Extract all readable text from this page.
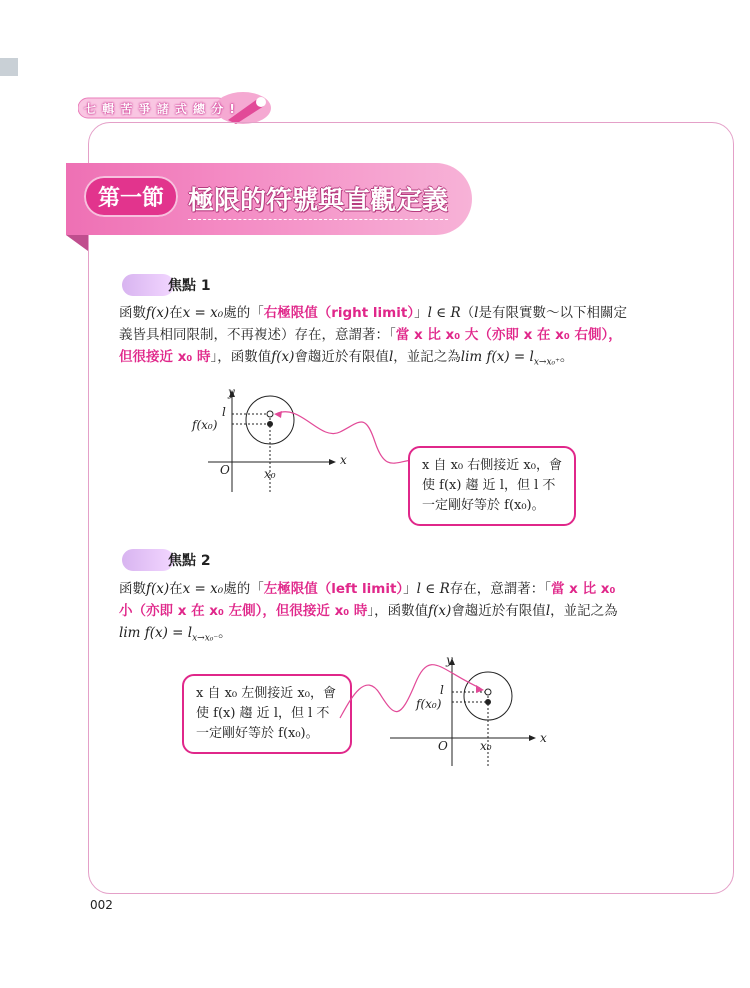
七 輯 苦 爭 諸 式 總 分 !
第一節 極限的符號與直觀定義
焦點 1
函數f(x)在x = x₀處的「右極限值（right limit）」l ∈ R（l是有限實數～以下相關定義皆具相同限制，不再複述）存在，意謂著：「當 x 比 x₀ 大（亦即 x 在 x₀ 右側），但很接近 x₀ 時」，函數值f(x)會趨近於有限值l，並記之為$\lim f(x) = l_{x\to x_0^+}$。
y
x
l
f(x₀)
O	x₀
x 自 x₀ 右側接近 x₀，會
使 f(x) 趨 近 l，但 l 不
一定剛好等於 f(x₀)。
焦點 2
函數f(x)在x = x₀處的「左極限值（left limit）」l ∈ R存在，意謂著：「當 x 比 x₀ 小（亦即 x 在 x₀ 左側），但很接近 x₀ 時」，函數值f(x)會趨近於有限值l，並記之為$\lim f(x) = l_{x\to x_0^-}$。
x 自 x₀ 左側接近 x₀，會
使 f(x) 趨 近 l，但 l 不
一定剛好等於 f(x₀)。
y
x
l
f(x₀)
O	x₀
002
